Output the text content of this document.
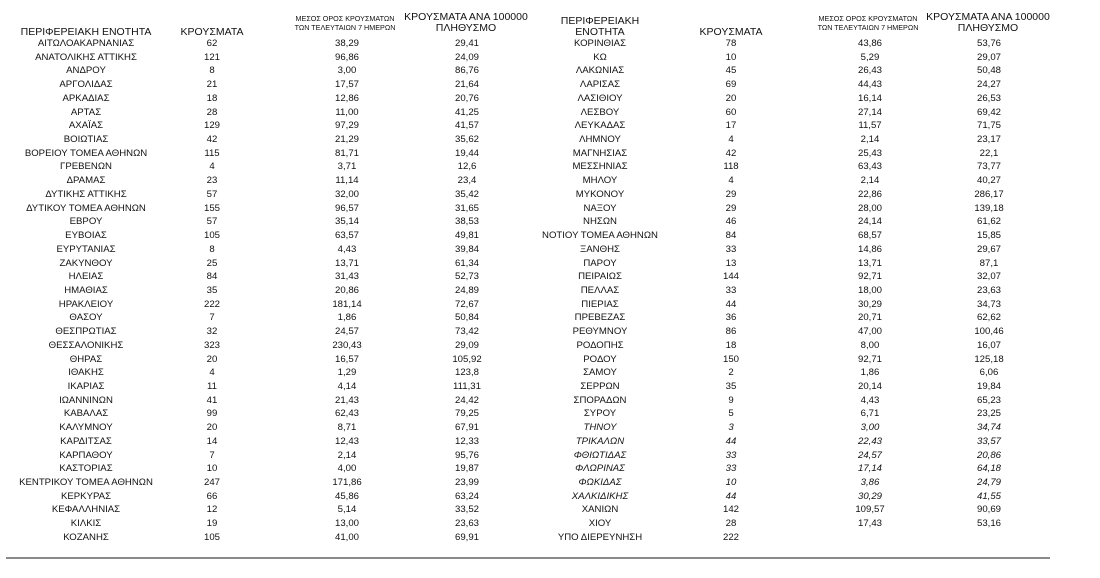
ΠΕΡΙΦΕΡΕΙΑΚΗ ΕΝΟΤΗΤΑ	ΚΡΟΥΣΜΑΤΑ
ΜΕΣΟΣ ΟΡΟΣ ΚΡΟΥΣΜΑΤΩΝ
ΤΩΝ ΤΕΛΕΥΤΑΙΩΝ 7 ΗΜΕΡΩΝ
ΚΡΟΥΣΜΑΤΑ ΑΝΑ 100000
ΠΛΗΘΥΣΜΟ
ΑΙΤΩΛΟΑΚΑΡΝΑΝΙΑΣ	62	38,29	29,41
ΑΝΑΤΟΛΙΚΗΣ ΑΤΤΙΚΗΣ	121	96,86	24,09
ΑΝΔΡΟΥ	8	3,00	86,76
ΑΡΓΟΛΙΔΑΣ	21	17,57	21,64
ΑΡΚΑΔΙΑΣ	18	12,86	20,76
ΑΡΤΑΣ	28	11,00	41,25
ΑΧΑΪΑΣ	129	97,29	41,57
ΒΟΙΩΤΙΑΣ	42	21,29	35,62
ΒΟΡΕΙΟΥ ΤΟΜΕΑ ΑΘΗΝΩΝ	115	81,71	19,44
ΓΡΕΒΕΝΩΝ	4	3,71	12,6
ΔΡΑΜΑΣ	23	11,14	23,4
ΔΥΤΙΚΗΣ ΑΤΤΙΚΗΣ	57	32,00	35,42
ΔΥΤΙΚΟΥ ΤΟΜΕΑ ΑΘΗΝΩΝ	155	96,57	31,65
ΕΒΡΟΥ	57	35,14	38,53
ΕΥΒΟΙΑΣ	105	63,57	49,81
ΕΥΡΥΤΑΝΙΑΣ	8	4,43	39,84
ΖΑΚΥΝΘΟΥ	25	13,71	61,34
ΗΛΕΙΑΣ	84	31,43	52,73
ΗΜΑΘΙΑΣ	35	20,86	24,89
ΗΡΑΚΛΕΙΟΥ	222	181,14	72,67
ΘΑΣΟΥ	7	1,86	50,84
ΘΕΣΠΡΩΤΙΑΣ	32	24,57	73,42
ΘΕΣΣΑΛΟΝΙΚΗΣ	323	230,43	29,09
ΘΗΡΑΣ	20	16,57	105,92
ΙΘΑΚΗΣ	4	1,29	123,8
ΙΚΑΡΙΑΣ	11	4,14	111,31
ΙΩΑΝΝΙΝΩΝ	41	21,43	24,42
ΚΑΒΑΛΑΣ	99	62,43	79,25
ΚΑΛΥΜΝΟΥ	20	8,71	67,91
ΚΑΡΔΙΤΣΑΣ	14	12,43	12,33
ΚΑΡΠΑΘΟΥ	7	2,14	95,76
ΚΑΣΤΟΡΙΑΣ	10	4,00	19,87
ΚΕΝΤΡΙΚΟΥ ΤΟΜΕΑ ΑΘΗΝΩΝ	247	171,86	23,99
ΚΕΡΚΥΡΑΣ	66	45,86	63,24
ΚΕΦΑΛΛΗΝΙΑΣ	12	5,14	33,52
ΚΙΛΚΙΣ	19	13,00	23,63
ΚΟΖΑΝΗΣ	105	41,00	69,91
ΠΕΡΙΦΕΡΕΙΑΚΗ ΕΝΟΤΗΤΑ	ΚΡΟΥΣΜΑΤΑ
ΜΕΣΟΣ ΟΡΟΣ ΚΡΟΥΣΜΑΤΩΝ
ΤΩΝ ΤΕΛΕΥΤΑΙΩΝ 7 ΗΜΕΡΩΝ
ΚΡΟΥΣΜΑΤΑ ΑΝΑ 100000
ΠΛΗΘΥΣΜΟ
ΚΟΡΙΝΘΙΑΣ	78	43,86	53,76
ΚΩ	10	5,29	29,07
ΛΑΚΩΝΙΑΣ	45	26,43	50,48
ΛΑΡΙΣΑΣ	69	44,43	24,27
ΛΑΣΙΘΙΟΥ	20	16,14	26,53
ΛΕΣΒΟΥ	60	27,14	69,42
ΛΕΥΚΑΔΑΣ	17	11,57	71,75
ΛΗΜΝΟΥ	4	2,14	23,17
ΜΑΓΝΗΣΙΑΣ	42	25,43	22,1
ΜΕΣΣΗΝΙΑΣ	118	63,43	73,77
ΜΗΛΟΥ	4	2,14	40,27
ΜΥΚΟΝΟΥ	29	22,86	286,17
ΝΑΞΟΥ	29	28,00	139,18
ΝΗΣΩΝ	46	24,14	61,62
ΝΟΤΙΟΥ ΤΟΜΕΑ ΑΘΗΝΩΝ	84	68,57	15,85
ΞΑΝΘΗΣ	33	14,86	29,67
ΠΑΡΟΥ	13	13,71	87,1
ΠΕΙΡΑΙΩΣ	144	92,71	32,07
ΠΕΛΛΑΣ	33	18,00	23,63
ΠΙΕΡΙΑΣ	44	30,29	34,73
ΠΡΕΒΕΖΑΣ	36	20,71	62,62
ΡΕΘΥΜΝΟΥ	86	47,00	100,46
ΡΟΔΟΠΗΣ	18	8,00	16,07
ΡΟΔΟΥ	150	92,71	125,18
ΣΑΜΟΥ	2	1,86	6,06
ΣΕΡΡΩΝ	35	20,14	19,84
ΣΠΟΡΑΔΩΝ	9	4,43	65,23
ΣΥΡΟΥ	5	6,71	23,25
ΤΗΝΟΥ	3	3,00	34,74
ΤΡΙΚΑΛΩΝ	44	22,43	33,57
ΦΘΙΩΤΙΔΑΣ	33	24,57	20,86
ΦΛΩΡΙΝΑΣ	33	17,14	64,18
ΦΩΚΙΔΑΣ	10	3,86	24,79
ΧΑΛΚΙΔΙΚΗΣ	44	30,29	41,55
ΧΑΝΙΩΝ	142	109,57	90,69
ΧΙΟΥ	28	17,43	53,16
ΥΠΟ ΔΙΕΡΕΥΝΗΣΗ	222
